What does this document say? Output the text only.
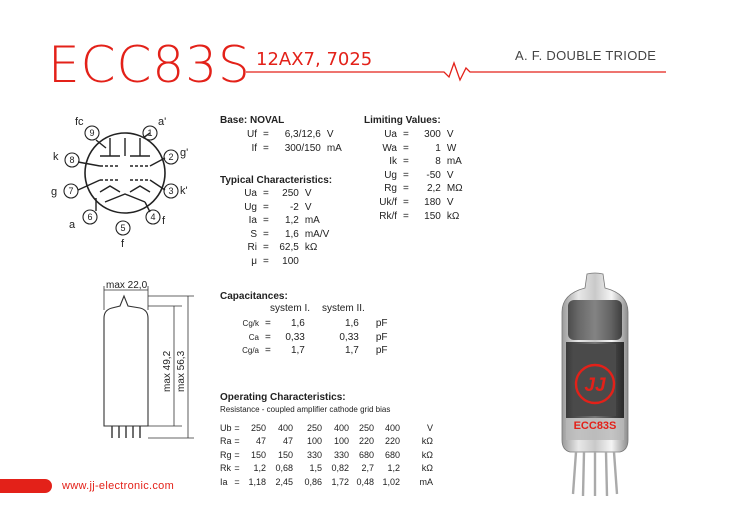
ECC83S 12AX7, 7025	A. F. DOUBLE TRIODE
1
2
3
4
5
6
7
8
9
a'
g'
k'
f
f
a
g
k
fc
max 22,0
max 49,2 max 56,3
Base: NOVAL
Uf	=	6,3/12,6	V
If	=	300/150	mA
Typical Characteristics:
Ua	=	250	V
Ug	=	-2	V
Ia	=	1,2	mA
S	=	1,6	mA/V
Ri	=	62,5	kΩ
μ	=	100	
Limiting Values:
Ua	=	300	V
Wa	=	1	W
Ik	=	8	mA
Ug	=	-50	V
Rg	=	2,2	MΩ
Uk/f	=	180	V
Rk/f	=	150	kΩ
Capacitances:
system I. system II.
Cg/k	=	1,6	1,6	pF
Ca	=	0,33	0,33	pF
Cg/a	=	1,7	1,7	pF
Operating Characteristics:
Resistance - coupled amplifier cathode grid bias
Ub	=	250	400	250	400	250	400	V
Ra	=	47	47	100	100	220	220	kΩ
Rg	=	150	150	330	330	680	680	kΩ
Rk	=	1,2	0,68	1,5	0,82	2,7	1,2	kΩ
Ia	=	1,18	2,45	0,86	1,72	0,48	1,02	mA
JJ
ECC83S
www.jj-electronic.com
